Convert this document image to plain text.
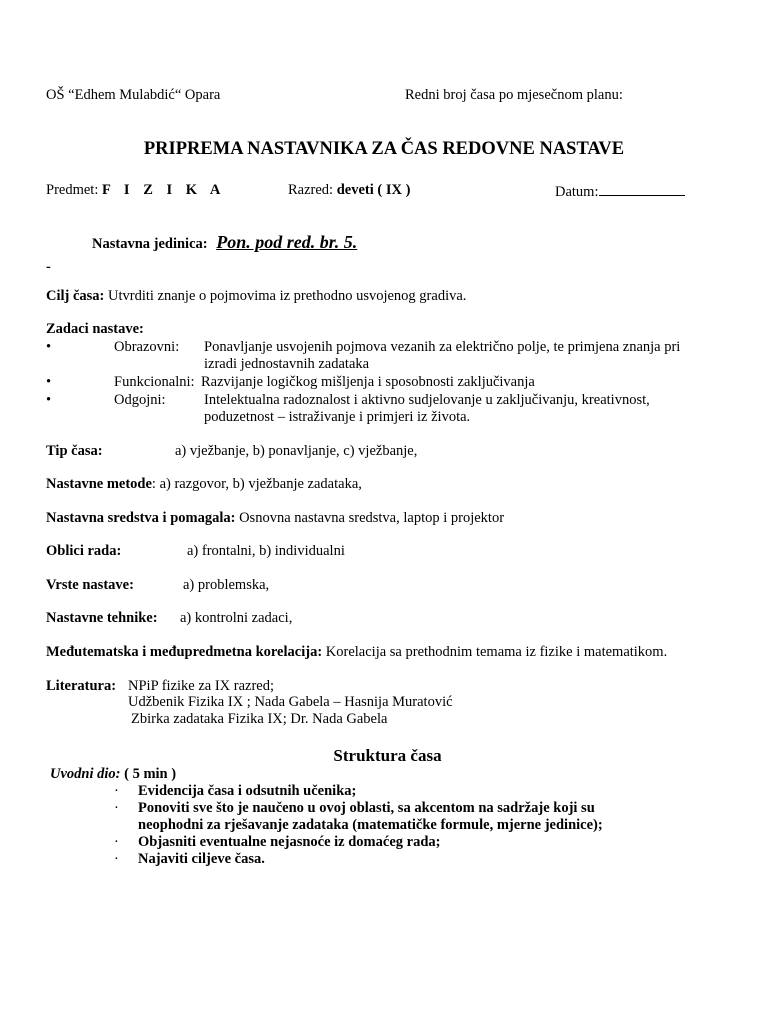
OŠ “Edhem Mulabdić“ Opara	Redni broj časa po mjesečnom planu:
PRIPREMA NASTAVNIKA ZA ČAS REDOVNE NASTAVE
Predmet: F I Z I K A	Razred: deveti ( IX )	Datum:
Nastavna jedinica: Pon. pod red. br. 5.
-
Cilj časa: Utvrditi znanje o pojmovima iz prethodno usvojenog gradiva.
Zadaci nastave:
•	Obrazovni: Ponavljanje usvojenih pojmova vezanih za električno polje, te primjena znanja pri
izradi jednostavnih zadataka
•	Funkcionalni: Razvijanje logičkog mišljenja i sposobnosti zaključivanja
•	Odgojni:	Intelektualna radoznalost i aktivno sudjelovanje u zaključivanju, kreativnost,
poduzetnost – istraživanje i primjeri iz života.
Tip časa:	a) vježbanje, b) ponavljanje, c) vježbanje,
Nastavne metode: a) razgovor, b) vježbanje zadataka,
Nastavna sredstva i pomagala: Osnovna nastavna sredstva, laptop i projektor
Oblici rada:	a) frontalni, b) individualni
Vrste nastave:	a) problemska,
Nastavne tehnike: a) kontrolni zadaci,
Međutematska i međupredmetna korelacija: Korelacija sa prethodnim temama iz fizike i matematikom.
Literatura: NPiP fizike za IX razred;
Udžbenik Fizika IX ; Nada Gabela – Hasnija Muratović
Zbirka zadataka Fizika IX; Dr. Nada Gabela
Struktura časa
Uvodni dio: ( 5 min )
· Evidencija časa i odsutnih učenika;
· Ponoviti sve što je naučeno u ovoj oblasti, sa akcentom na sadržaje koji su
neophodni za rješavanje zadataka (matematičke formule, mjerne jedinice);
· Objasniti eventualne nejasnoće iz domaćeg rada;
· Najaviti ciljeve časa.
